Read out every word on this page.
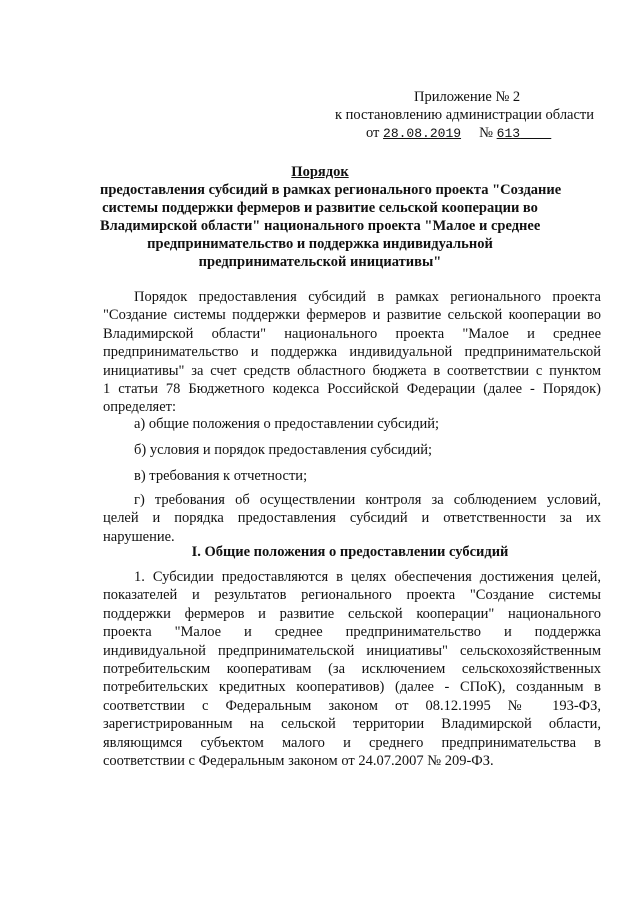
Приложение № 2
к постановлению администрации области
от 28.08.2019 № 613
Порядок
предоставления субсидий в рамках регионального проекта "Создание
системы поддержки фермеров и развитие сельской кооперации во
Владимирской области" национального проекта "Малое и среднее
предпринимательство и поддержка индивидуальной
предпринимательской инициативы"
Порядок предоставления субсидий в рамках регионального проекта
"Создание системы поддержки фермеров и развитие сельской кооперации во
Владимирской области" национального проекта "Малое и среднее
предпринимательство и поддержка индивидуальной предпринимательской
инициативы" за счет средств областного бюджета в соответствии с пунктом
1 статьи 78 Бюджетного кодекса Российской Федерации (далее - Порядок)
определяет:
а) общие положения о предоставлении субсидий;
б) условия и порядок предоставления субсидий;
в) требования к отчетности;
г) требования об осуществлении контроля за соблюдением условий,
целей и порядка предоставления субсидий и ответственности за их
нарушение.
I. Общие положения о предоставлении субсидий
1. Субсидии предоставляются в целях обеспечения достижения целей,
показателей и результатов регионального проекта "Создание системы
поддержки фермеров и развитие сельской кооперации" национального
проекта "Малое и среднее предпринимательство и поддержка
индивидуальной предпринимательской инициативы" сельскохозяйственным
потребительским кооперативам (за исключением сельскохозяйственных
потребительских кредитных кооперативов) (далее - СПоК), созданным в
соответствии с Федеральным законом от 08.12.1995 № 193-ФЗ,
зарегистрированным на сельской территории Владимирской области,
являющимся субъектом малого и среднего предпринимательства в
соответствии с Федеральным законом от 24.07.2007 № 209-ФЗ.
